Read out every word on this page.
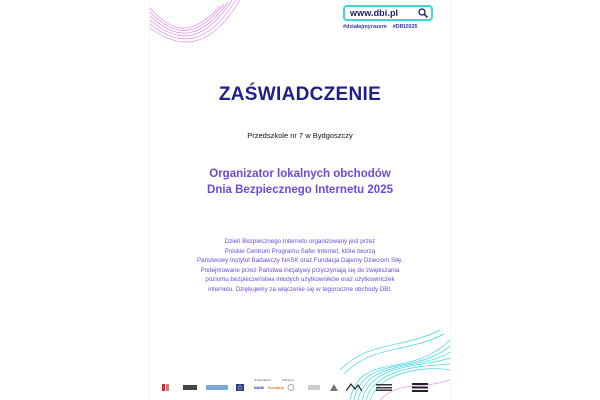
www.dbi.pl
#działajmyrazem #DBI2025
ZAŚWIADCZENIE
Przedszkole nr 7 w Bydgoszczy
Organizator lokalnych obchodów
Dnia Bezpiecznego Internetu 2025
Dzień Bezpiecznego Internetu organizowany jest przez
Polskie Centrum Programu Safer Internet, które tworzą
Państwowy Instytut Badawczy NASK oraz Fundacja Dajemy Dzieciom Siłę.
Podejmowane przez Państwa inicjatywy przyczyniają się do zwiększania
poziomu bezpieczeństwa młodych użytkowników oraz użytkowniczek
internetu. Dziękujemy za włączenie się w tegoroczne obchody DBI.
Organizatorzy	Partnerzy
NASK Fundacja
